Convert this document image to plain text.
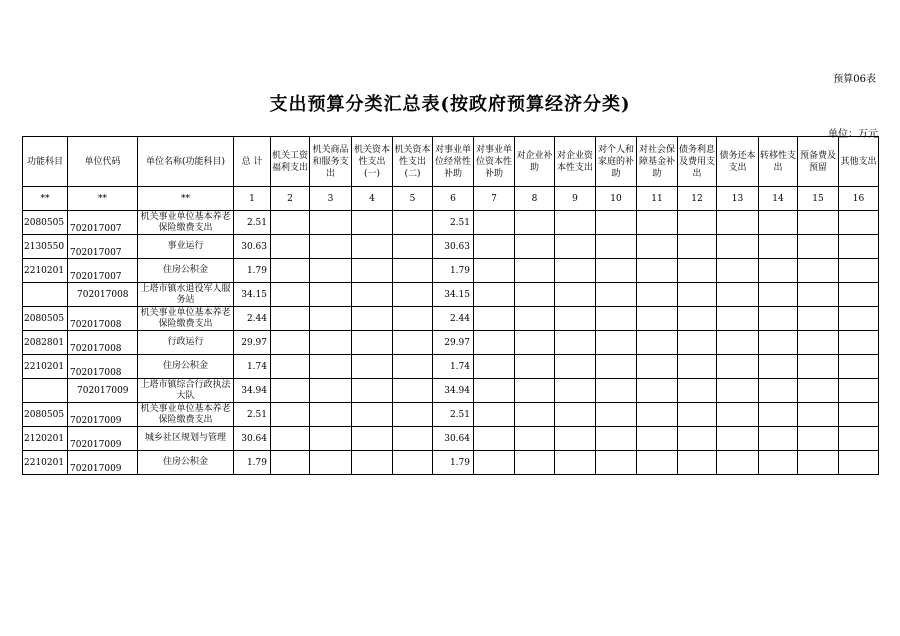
预算06表
支出预算分类汇总表(按政府预算经济分类)
单位：万元
功能科目	单位代码	单位名称(功能科目)	总 计	机关工资福利支出	机关商品和服务支出	机关资本性支出(一)	机关资本性支出(二)	对事业单位经常性补助	对事业单位资本性补助	对企业补助	对企业资本性支出	对个人和家庭的补助	对社会保障基金补助	债务利息及费用支出	债务还本支出	转移性支出	预备费及预留	其他支出
**	**	**	1	2	3	4	5	6	7	8	9	10	11	12	13	14	15	16
2080505	702017007	机关事业单位基本养老保险缴费支出	2.51					2.51										
2130550	702017007	事业运行	30.63					30.63										
2210201	702017007	住房公积金	1.79					1.79										
	702017008	上塔市镇水退役军人服务站	34.15					34.15										
2080505	702017008	机关事业单位基本养老保险缴费支出	2.44					2.44										
2082801	702017008	行政运行	29.97					29.97										
2210201	702017008	住房公积金	1.74					1.74										
	702017009	上塔市镇综合行政执法大队	34.94					34.94										
2080505	702017009	机关事业单位基本养老保险缴费支出	2.51					2.51										
2120201	702017009	城乡社区规划与管理	30.64					30.64										
2210201	702017009	住房公积金	1.79					1.79										
